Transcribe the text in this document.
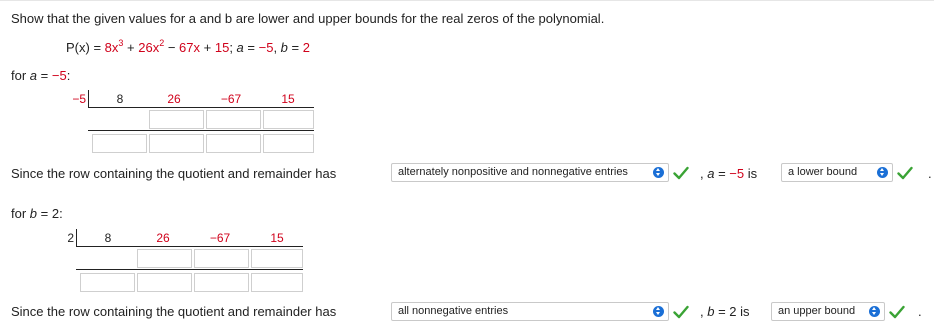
Show that the given values for a and b are lower and upper bounds for the real zeros of the polynomial.
$P(x) = 8x^3 + 26x^2 - 67x + 15$; a = −5, b = 2
for a = −5:
−5	8	26	−67	15
Since the row containing the quotient and remainder has	alternately nonpositive and nonnegative entries	, a = −5 is	a lower bound	.
for b = 2:
2	8	26	−67	15
Since the row containing the quotient and remainder has	all nonnegative entries	, b = 2 is	an upper bound	.
